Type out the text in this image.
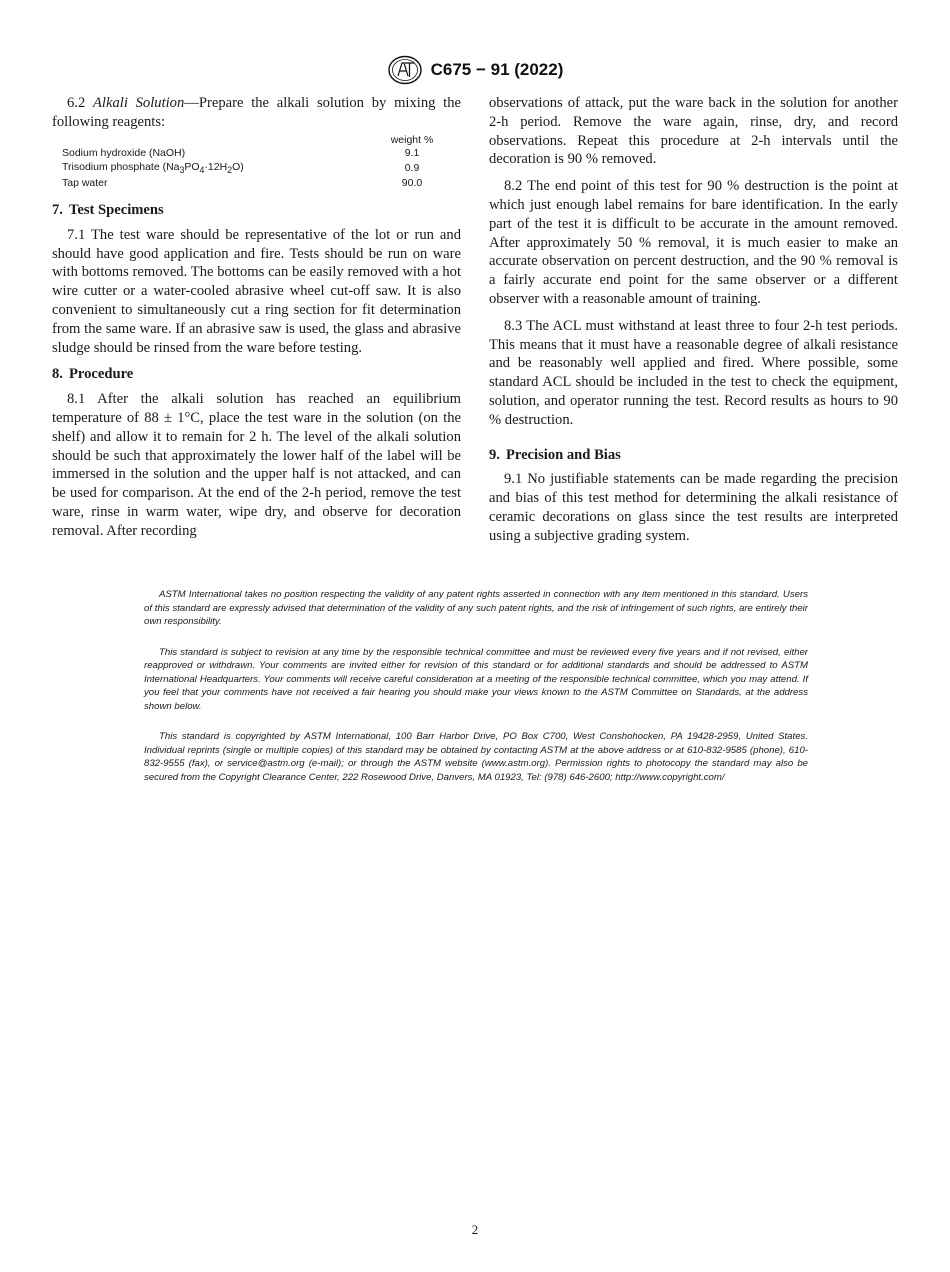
C675 − 91 (2022)

6.2 Alkali Solution—Prepare the alkali solution by mixing the following reagents:

	weight %
Sodium hydroxide (NaOH)	9.1
Trisodium phosphate $(Na_3PO_4\cdot 12H_2O)$	0.9
Tap water	90.0
7. Test Specimens

7.1 The test ware should be representative of the lot or run and should have good application and fire. Tests should be run on ware with bottoms removed. The bottoms can be easily removed with a hot wire cutter or a water-cooled abrasive wheel cut-off saw. It is also convenient to simultaneously cut a ring section for fit determination from the same ware. If an abrasive saw is used, the glass and abrasive sludge should be rinsed from the ware before testing.

8. Procedure

8.1 After the alkali solution has reached an equilibrium temperature of 88 ± 1°C, place the test ware in the solution (on the shelf) and allow it to remain for 2 h. The level of the alkali solution should be such that approximately the lower half of the label will be immersed in the solution and the upper half is not attacked, and can be used for comparison. At the end of the 2-h period, remove the test ware, rinse in warm water, wipe dry, and observe for decoration removal. After recording

observations of attack, put the ware back in the solution for another 2-h period. Remove the ware again, rinse, dry, and record observations. Repeat this procedure at 2-h intervals until the decoration is 90 % removed.

8.2 The end point of this test for 90 % destruction is the point at which just enough label remains for bare identification. In the early part of the test it is difficult to be accurate in the amount removed. After approximately 50 % removal, it is much easier to make an accurate observation on percent destruction, and the 90 % removal is a fairly accurate end point for the same observer or a different observer with a reasonable amount of training.

8.3 The ACL must withstand at least three to four 2-h test periods. This means that it must have a reasonable degree of alkali resistance and be reasonably well applied and fired. Where possible, some standard ACL should be included in the test to check the equipment, solution, and operator running the test. Record results as hours to 90 % destruction.

9. Precision and Bias

9.1 No justifiable statements can be made regarding the precision and bias of this test method for determining the alkali resistance of ceramic decorations on glass since the test results are interpreted using a subjective grading system.

ASTM International takes no position respecting the validity of any patent rights asserted in connection with any item mentioned in this standard. Users of this standard are expressly advised that determination of the validity of any such patent rights, and the risk of infringement of such rights, are entirely their own responsibility.

This standard is subject to revision at any time by the responsible technical committee and must be reviewed every five years and if not revised, either reapproved or withdrawn. Your comments are invited either for revision of this standard or for additional standards and should be addressed to ASTM International Headquarters. Your comments will receive careful consideration at a meeting of the responsible technical committee, which you may attend. If you feel that your comments have not received a fair hearing you should make your views known to the ASTM Committee on Standards, at the address shown below.

This standard is copyrighted by ASTM International, 100 Barr Harbor Drive, PO Box C700, West Conshohocken, PA 19428-2959, United States. Individual reprints (single or multiple copies) of this standard may be obtained by contacting ASTM at the above address or at 610-832-9585 (phone), 610-832-9555 (fax), or service@astm.org (e-mail); or through the ASTM website (www.astm.org). Permission rights to photocopy the standard may also be secured from the Copyright Clearance Center, 222 Rosewood Drive, Danvers, MA 01923, Tel: (978) 646-2600; http://www.copyright.com/

2
